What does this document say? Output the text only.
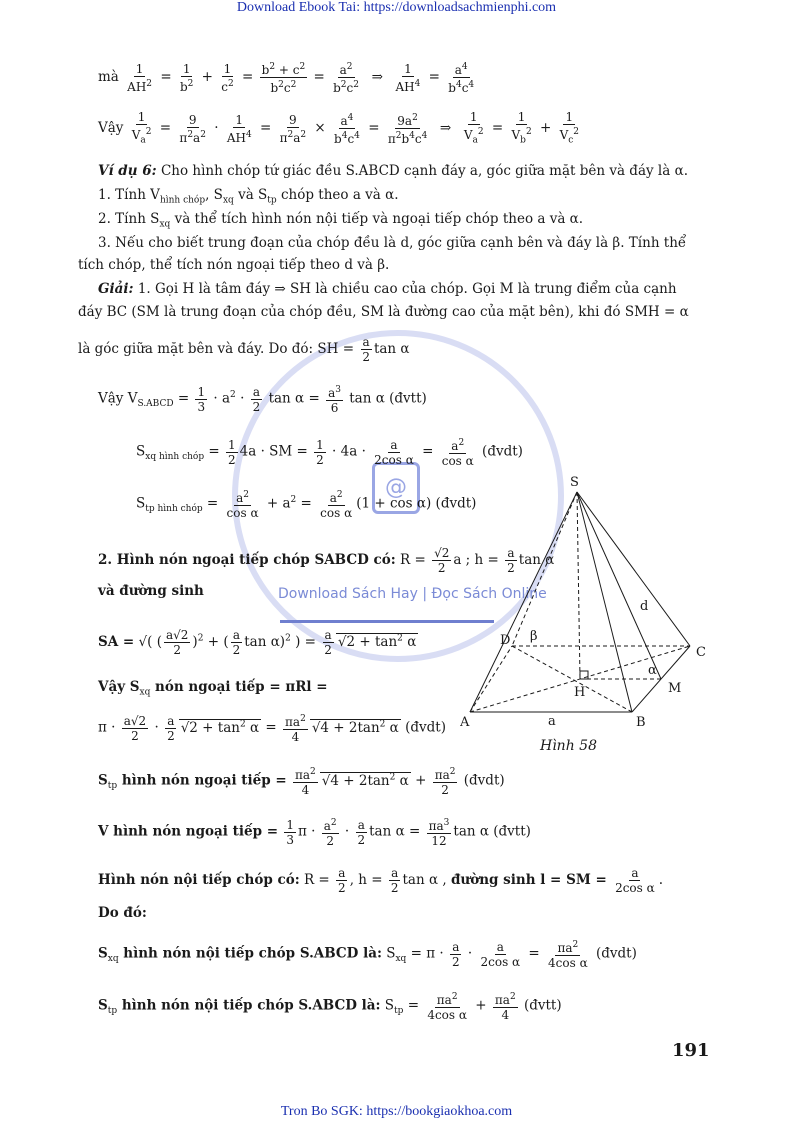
Download Ebook Tai: https://downloadsachmienphi.com
@
Download Sách Hay | Đọc Sách Online
mà $\frac{1}{AH^2} = \frac{1}{b^2} + \frac{1}{c^2} = \frac{b^2 + c^2}{b^2c^2} = \frac{a^2}{b^2c^2}$ ⇒ $\frac{1}{AH^4} = \frac{a^4}{b^4c^4}$
Vậy $\frac{1}{V_a^2} = \frac{9}{\pi^2a^2} \cdot \frac{1}{AH^4} = \frac{9}{\pi^2a^2} \times \frac{a^4}{b^4c^4} = \frac{9a^2}{\pi^2b^4c^4}$ ⇒ $\frac{1}{V_a^2} = \frac{1}{V_b^2} + \frac{1}{V_c^2}$
Ví dụ 6: Cho hình chóp tứ giác đều S.ABCD cạnh đáy a, góc giữa mặt bên và đáy là α.
1. Tính $V_{hình chóp}$, $S_{xq}$ và $S_{tp}$ chóp theo a và α.
2. Tính $S_{xq}$ và thể tích hình nón nội tiếp và ngoại tiếp chóp theo a và α.
3. Nếu cho biết trung đoạn của chóp đều là d, góc giữa cạnh bên và đáy là β. Tính thể
tích chóp, thể tích nón ngoại tiếp theo d và β.
Giải: 1. Gọi H là tâm đáy ⇒ SH là chiều cao của chóp. Gọi M là trung điểm của cạnh
đáy BC (SM là trung đoạn của chóp đều, SM là đường cao của mặt bên), khi đó SMH = α
là góc giữa mặt bên và đáy. Do đó: SH = $\frac{a}{2}$ tan α
Vậy $V_{S.ABCD} = \frac{1}{3} \cdot a^2 \cdot \frac{a}{2}$ $\tan \alpha = \frac{a^3}{6}$ tan α (đvtt)
$S_{xq hình chóp} = \frac{1}{2} 4a$ · SM = $\frac{1}{2} \cdot 4a \cdot \frac{a}{\text{2cos α}} = \frac{a^2}{\text{cos α}}$ (đvdt)
$S_{tp hình chóp} = \frac{a^2}{\text{cos α}} + a^2 = \frac{a^2}{\text{cos α}} (1 + \cos \alpha)$ (đvdt)
2. Hình nón ngoại tiếp chóp SABCD có: $R = \frac{√2}{2}$ a ; $h = \frac{a}{2}$ tan α
và đường sinh
SA = √( ( $\frac{a√2}{2} )^2$ + ( $\frac{a}{2}$ tan α)$^2$ ) = $\frac{a}{2} √2 + \tan^2 \alpha$
Vậy $S_{xq}$ nón ngoại tiếp = πRl =
$\pi \cdot \frac{a√2}{2} \cdot \frac{a}{2} √2 + \tan^2 \alpha = \frac{\pi a^2}{4} √4 + 2\tan^2$ α (đvdt)
$S_{tp}$ hình nón ngoại tiếp = $\frac{\pi a^2}{4} √4 + 2\tan^2$ $\alpha + \frac{\pi a^2}{2}$ (đvdt)
V hình nón ngoại tiếp = $\frac{1}{3}$ $\pi \cdot \frac{a^2}{2} \cdot \frac{a}{2}$ $\tan \alpha = \frac{\pi a^3}{12}$ tan α (đvtt)
Hình nón nội tiếp chóp có: $R = \frac{a}{2}$ , $h = \frac{a}{2}$ tan α , đường sinh l = SM = $\frac{a}{\text{2cos α}}$ .
Do đó:
$S_{xq}$ hình nón nội tiếp chóp S.ABCD là: $S_{xq} = \pi \cdot \frac{a}{2} \cdot \frac{a}{\text{2cos α}} = \frac{\pi a^2}{\text{4cos α}}$ (đvdt)
$S_{tp}$ hình nón nội tiếp chóp S.ABCD là: $S_{tp} = \frac{\pi a^2}{\text{4cos α}} + \frac{\pi a^2}{4}$ (đvtt)
S
A	B
C
D
H	M
a
d
α
β
Hình 58
191
Tron Bo SGK: https://bookgiaokhoa.com
